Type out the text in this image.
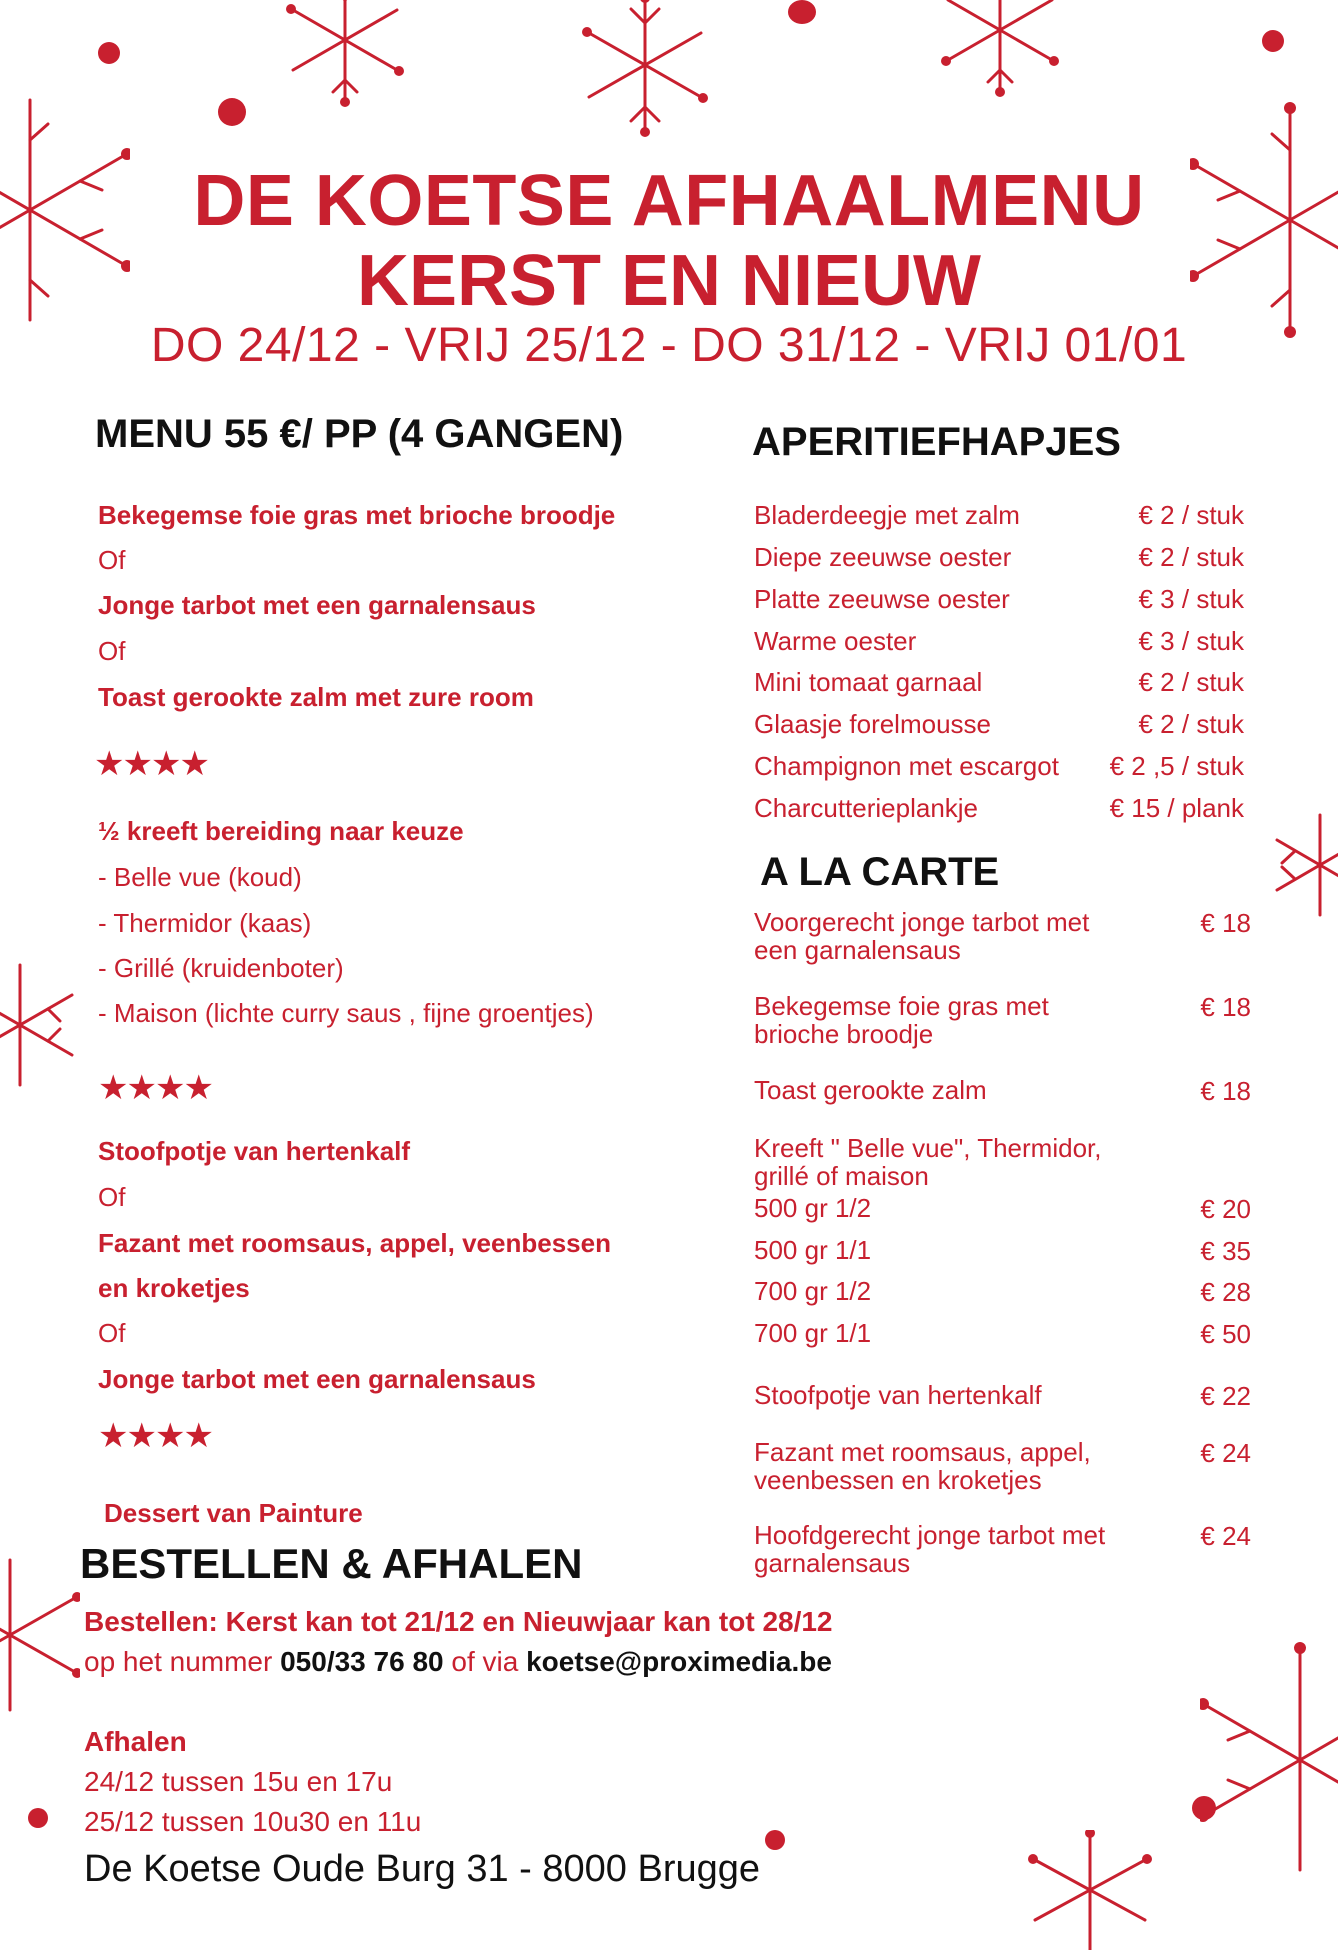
DE KOETSE AFHAALMENU
KERST EN NIEUW
DO 24/12 - VRIJ 25/12 - DO 31/12 - VRIJ 01/01
MENU 55 €/ PP (4 GANGEN)
Bekegemse foie gras met brioche broodje
Of
Jonge tarbot met een garnalensaus
Of
Toast gerookte zalm met zure room
★★★★
½ kreeft bereiding naar keuze
- Belle vue (koud)
- Thermidor (kaas)
- Grillé (kruidenboter)
- Maison (lichte curry saus , fijne groentjes)
★★★★
Stoofpotje van hertenkalf
Of
Fazant met roomsaus, appel, veenbessen
en kroketjes
Of
Jonge tarbot met een garnalensaus
★★★★
Dessert van Painture
APERITIEFHAPJES
Bladerdeegje met zalm	€ 2 / stuk
Diepe zeeuwse oester	€ 2 / stuk
Platte zeeuwse oester	€ 3 / stuk
Warme oester	€ 3 / stuk
Mini tomaat garnaal	€ 2 / stuk
Glaasje forelmousse	€ 2 / stuk
Champignon met escargot € 2 ,5 / stuk
Charcutterieplankje	€ 15 / plank
A LA CARTE
Voorgerecht jonge tarbot met een garnalensaus
€ 18
Bekegemse foie gras met brioche broodje
€ 18
Toast gerookte zalm	€ 18
Kreeft " Belle vue", Thermidor, grillé of maison
500 gr 1/2	€ 20
500 gr 1/1	€ 35
700 gr 1/2	€ 28
700 gr 1/1	€ 50
Stoofpotje van hertenkalf	€ 22
Fazant met roomsaus, appel, veenbessen en kroketjes
€ 24
Hoofdgerecht jonge tarbot met garnalensaus
€ 24
BESTELLEN & AFHALEN
Bestellen: Kerst kan tot 21/12 en Nieuwjaar kan tot 28/12
op het nummer 050/33 76 80 of via koetse@proximedia.be
Afhalen
24/12 tussen 15u en 17u
25/12 tussen 10u30 en 11u
De Koetse Oude Burg 31 - 8000 Brugge
